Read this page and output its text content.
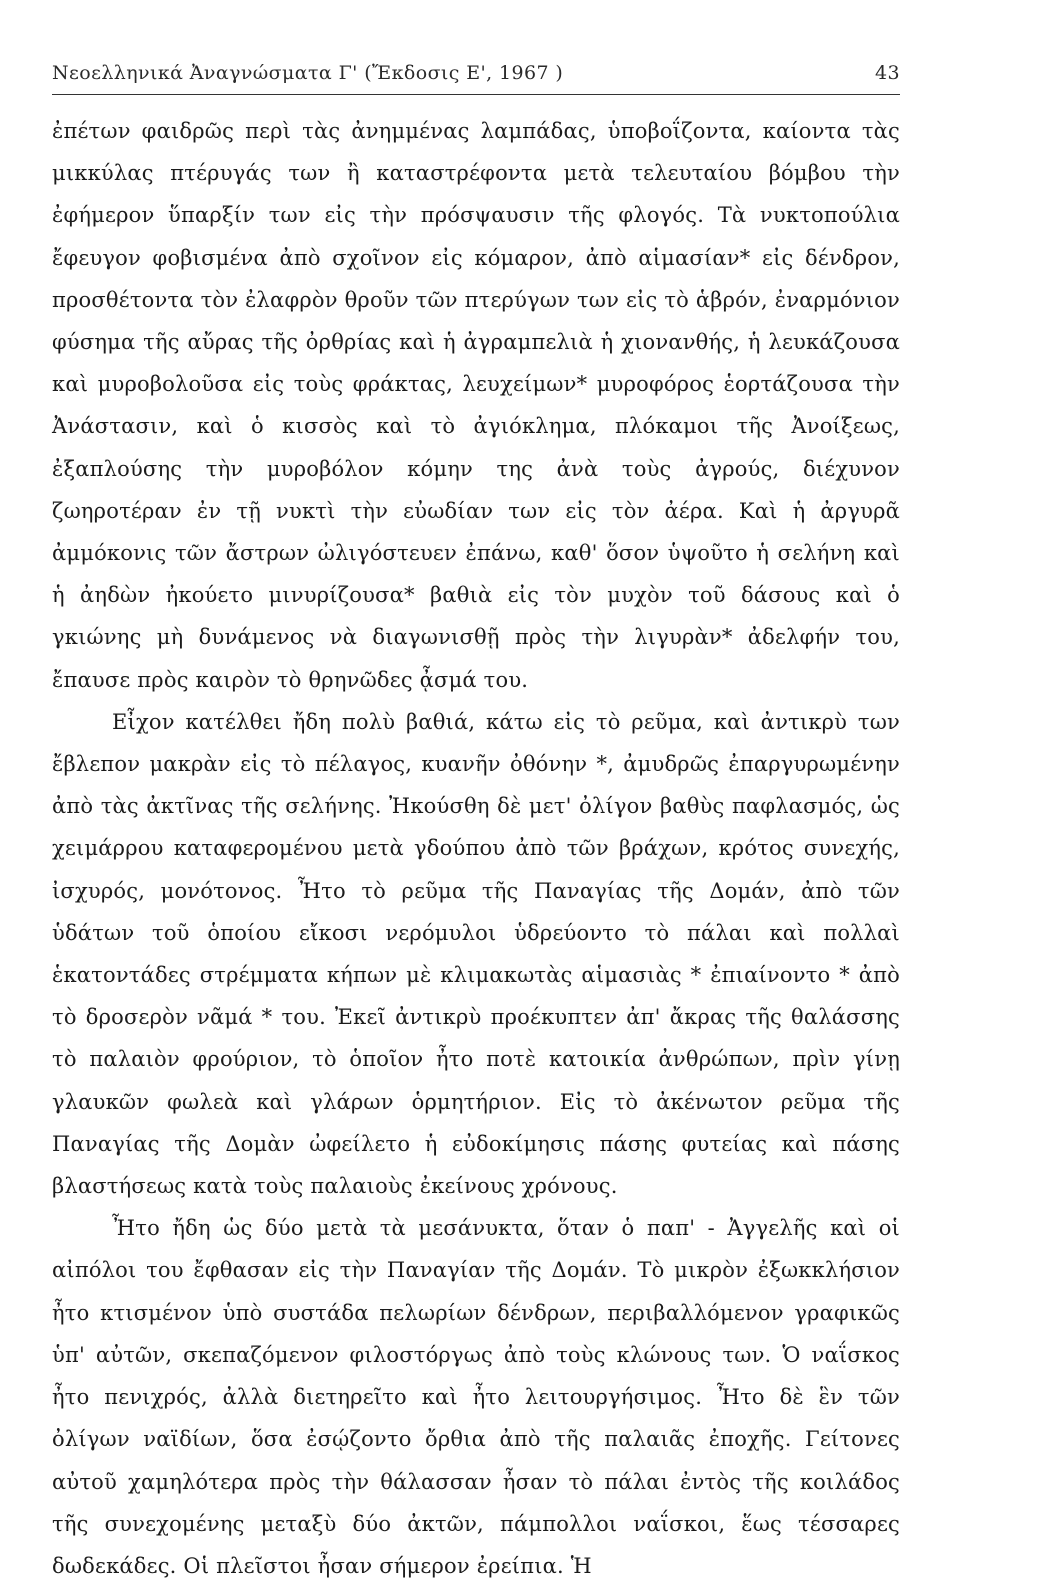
Νεοελληνικά Ἀναγνώσματα Γ' (Ἔκδοσις Ε', 1967 )	43

ἐπέτων φαιδρῶς περὶ τὰς ἀνημμένας λαμπάδας, ὑποβοΐζοντα, καίοντα τὰς μικκύλας πτέρυγάς των ἢ καταστρέφοντα μετὰ τελευταίου βόμβου τὴν ἐφήμερον ὕπαρξίν των εἰς τὴν πρόσψαυσιν τῆς φλογός. Τὰ νυκτοπούλια ἔφευγον φοβισμένα ἀπὸ σχοῖνον εἰς κόμαρον, ἀπὸ αἱμασίαν* εἰς δένδρον, προσθέτοντα τὸν ἐλαφρὸν θροῦν τῶν πτερύγων των εἰς τὸ ἁβρόν, ἐναρμόνιον φύσημα τῆς αὔρας τῆς ὀρθρίας καὶ ἡ ἀγραμπελιὰ ἡ χιονανθής, ἡ λευκάζουσα καὶ μυροβολοῦσα εἰς τοὺς φράκτας, λευχείμων* μυροφόρος ἑορτάζουσα τὴν Ἀνάστασιν, καὶ ὁ κισσὸς καὶ τὸ ἀγιόκλημα, πλόκαμοι τῆς Ἀνοίξεως, ἐξαπλούσης τὴν μυροβόλον κόμην της ἀνὰ τοὺς ἀγρούς, διέχυνον ζωηροτέραν ἐν τῇ νυκτὶ τὴν εὐωδίαν των εἰς τὸν ἀέρα. Καὶ ἡ ἀργυρᾶ ἀμμόκονις τῶν ἄστρων ὠλιγόστευεν ἐπάνω, καθ' ὅσον ὑψοῦτο ἡ σελήνη καὶ ἡ ἀηδὼν ἠκούετο μινυρίζουσα* βαθιὰ εἰς τὸν μυχὸν τοῦ δάσους καὶ ὁ γκιώνης μὴ δυνάμενος νὰ διαγωνισθῇ πρὸς τὴν λιγυρὰν* ἀδελφήν του, ἔπαυσε πρὸς καιρὸν τὸ θρηνῶδες ᾆσμά του.

Εἶχον κατέλθει ἤδη πολὺ βαθιά, κάτω εἰς τὸ ρεῦμα, καὶ ἀντικρὺ των ἔβλεπον μακρὰν εἰς τὸ πέλαγος, κυανῆν ὀθόνην *, ἀμυδρῶς ἐπαργυρωμένην ἀπὸ τὰς ἀκτῖνας τῆς σελήνης. Ἠκούσθη δὲ μετ' ὀλίγον βαθὺς παφλασμός, ὡς χειμάρρου καταφερομένου μετὰ γδούπου ἀπὸ τῶν βράχων, κρότος συνεχής, ἰσχυρός, μονότονος. Ἦτο τὸ ρεῦμα τῆς Παναγίας τῆς Δομάν, ἀπὸ τῶν ὑδάτων τοῦ ὁποίου εἴκοσι νερόμυλοι ὑδρεύοντο τὸ πάλαι καὶ πολλαὶ ἑκατοντάδες στρέμματα κήπων μὲ κλιμακωτὰς αἱμασιὰς * ἐπιαίνοντο * ἀπὸ τὸ δροσερὸν νᾶμά * του. Ἐκεῖ ἀντικρὺ προέκυπτεν ἀπ' ἄκρας τῆς θαλάσσης τὸ παλαιὸν φρούριον, τὸ ὁποῖον ἦτο ποτὲ κατοικία ἀνθρώπων, πρὶν γίνῃ γλαυκῶν φωλεὰ καὶ γλάρων ὁρμητήριον. Εἰς τὸ ἀκένωτον ρεῦμα τῆς Παναγίας τῆς Δομὰν ὠφείλετο ἡ εὐδοκίμησις πάσης φυτείας καὶ πάσης βλαστήσεως κατὰ τοὺς παλαιοὺς ἐκείνους χρόνους.

Ἦτο ἤδη ὡς δύο μετὰ τὰ μεσάνυκτα, ὅταν ὁ παπ' - Ἀγγελῆς καὶ οἱ αἰπόλοι του ἔφθασαν εἰς τὴν Παναγίαν τῆς Δομάν. Τὸ μικρὸν ἐξωκκλήσιον ἦτο κτισμένον ὑπὸ συστάδα πελωρίων δένδρων, περιβαλλόμενον γραφικῶς ὑπ' αὐτῶν, σκεπαζόμενον φιλοστόργως ἀπὸ τοὺς κλώνους των. Ὁ ναΐσκος ἦτο πενιχρός, ἀλλὰ διετηρεῖτο καὶ ἦτο λειτουργήσιμος. Ἦτο δὲ ἓν τῶν ὀλίγων ναϊδίων, ὅσα ἐσῴζοντο ὄρθια ἀπὸ τῆς παλαιᾶς ἐποχῆς. Γείτονες αὐτοῦ χαμηλότερα πρὸς τὴν θάλασσαν ἦσαν τὸ πάλαι ἐντὸς τῆς κοιλάδος τῆς συνεχομένης μεταξὺ δύο ἀκτῶν, πάμπολλοι ναΐσκοι, ἕως τέσσαρες δωδεκάδες. Οἱ πλεῖστοι ἦσαν σήμερον ἐρείπια. Ἡ
